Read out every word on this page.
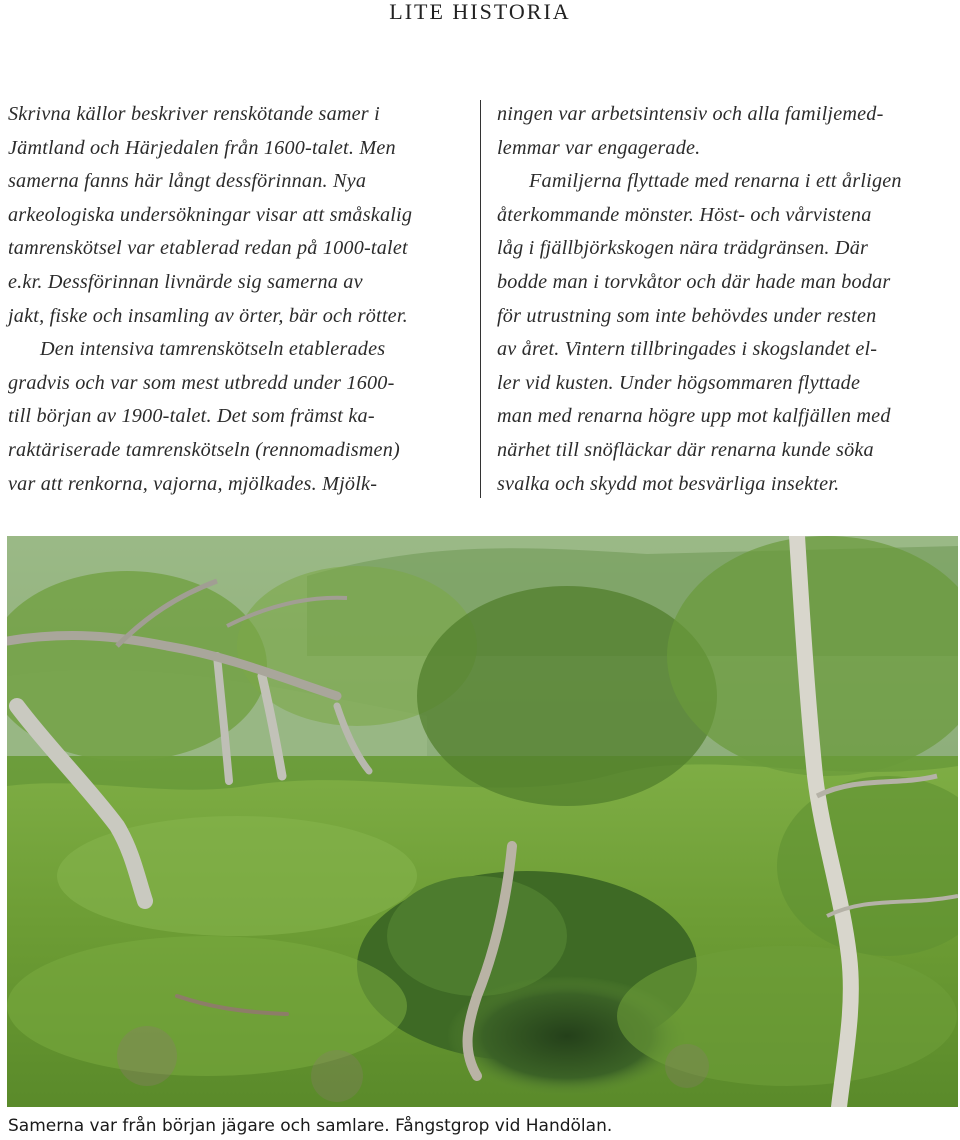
LITE HISTORIA
Skrivna källor beskriver renskötande samer i
Jämtland och Härjedalen från 1600-talet. Men
samerna fanns här långt dessförinnan. Nya
arkeologiska undersökningar visar att småskalig
tamrenskötsel var etablerad redan på 1000-talet
e.kr. Dessförinnan livnärde sig samerna av
jakt, fiske och insamling av örter, bär och rötter.
Den intensiva tamrenskötseln etablerades
gradvis och var som mest utbredd under 1600-
till början av 1900-talet. Det som främst ka-
raktäriserade tamrenskötseln (rennomadismen)
var att renkorna, vajorna, mjölkades. Mjölk-
ningen var arbetsintensiv och alla familjemed-
lemmar var engagerade.
Familjerna flyttade med renarna i ett årligen
återkommande mönster. Höst- och vårvistena
låg i fjällbjörkskogen nära trädgränsen. Där
bodde man i torvkåtor och där hade man bodar
för utrustning som inte behövdes under resten
av året. Vintern tillbringades i skogslandet el-
ler vid kusten. Under högsommaren flyttade
man med renarna högre upp mot kalfjällen med
närhet till snöfläckar där renarna kunde söka
svalka och skydd mot besvärliga insekter.
Samerna var från början jägare och samlare. Fångstgrop vid Handölan.
